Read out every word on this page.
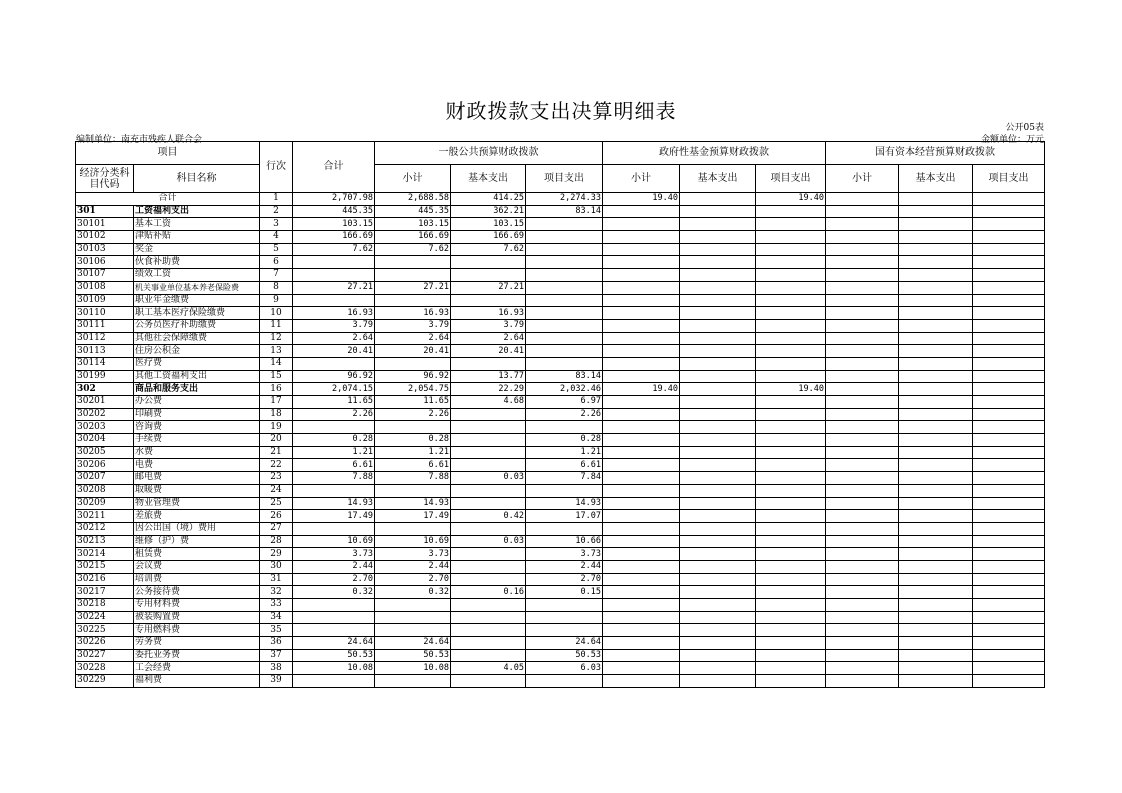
财政拨款支出决算明细表
公开05表
编制单位：南充市残疾人联合会	金额单位：万元
项目		行次	合计	一般公共预算财政拨款			政府性基金预算财政拨款			国有资本经营预算财政拨款		
经济分类科目代码	科目名称			小计	基本支出	项目支出	小计	基本支出	项目支出	小计	基本支出	项目支出
合计		1	2,707.98	2,688.58	414.25	2,274.33	19.40		19.40			
301	工资福利支出	2	445.35	445.35	362.21	83.14						
30101	基本工资	3	103.15	103.15	103.15							
30102	津贴补贴	4	166.69	166.69	166.69							
30103	奖金	5	7.62	7.62	7.62							
30106	伙食补助费	6										
30107	绩效工资	7										
30108	机关事业单位基本养老保险费	8	27.21	27.21	27.21							
30109	职业年金缴费	9										
30110	职工基本医疗保险缴费	10	16.93	16.93	16.93							
30111	公务员医疗补助缴费	11	3.79	3.79	3.79							
30112	其他社会保障缴费	12	2.64	2.64	2.64							
30113	住房公积金	13	20.41	20.41	20.41							
30114	医疗费	14										
30199	其他工资福利支出	15	96.92	96.92	13.77	83.14						
302	商品和服务支出	16	2,074.15	2,054.75	22.29	2,032.46	19.40		19.40			
30201	办公费	17	11.65	11.65	4.68	6.97						
30202	印刷费	18	2.26	2.26		2.26						
30203	咨询费	19										
30204	手续费	20	0.28	0.28		0.28						
30205	水费	21	1.21	1.21		1.21						
30206	电费	22	6.61	6.61		6.61						
30207	邮电费	23	7.88	7.88	0.03	7.84						
30208	取暖费	24										
30209	物业管理费	25	14.93	14.93		14.93						
30211	差旅费	26	17.49	17.49	0.42	17.07						
30212	因公出国（境）费用	27										
30213	维修（护）费	28	10.69	10.69	0.03	10.66						
30214	租赁费	29	3.73	3.73		3.73						
30215	会议费	30	2.44	2.44		2.44						
30216	培训费	31	2.70	2.70		2.70						
30217	公务接待费	32	0.32	0.32	0.16	0.15						
30218	专用材料费	33										
30224	被装购置费	34										
30225	专用燃料费	35										
30226	劳务费	36	24.64	24.64		24.64						
30227	委托业务费	37	50.53	50.53		50.53						
30228	工会经费	38	10.08	10.08	4.05	6.03						
30229	福利费	39										
